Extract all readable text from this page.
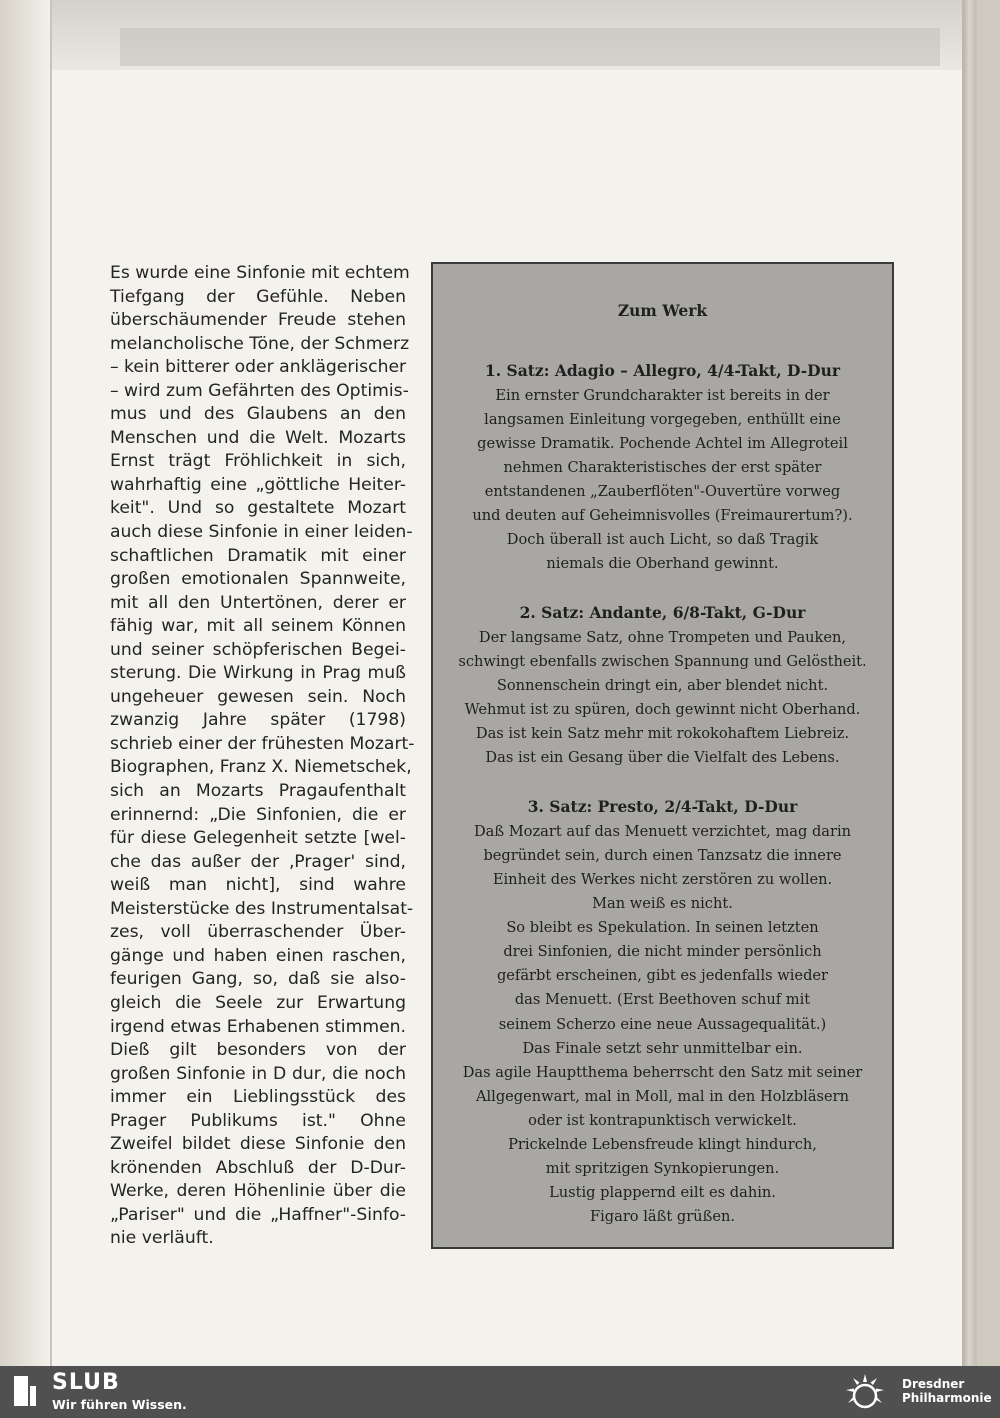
Es wurde eine Sinfonie mit echtem
Tiefgang der Gefühle. Neben
überschäumender Freude stehen
melancholische Töne, der Schmerz
– kein bitterer oder anklägerischer
– wird zum Gefährten des Optimis-
mus und des Glaubens an den
Menschen und die Welt. Mozarts
Ernst trägt Fröhlichkeit in sich,
wahrhaftig eine „göttliche Heiter-
keit". Und so gestaltete Mozart
auch diese Sinfonie in einer leiden-
schaftlichen Dramatik mit einer
großen emotionalen Spannweite,
mit all den Untertönen, derer er
fähig war, mit all seinem Können
und seiner schöpferischen Begei-
sterung. Die Wirkung in Prag muß
ungeheuer gewesen sein. Noch
zwanzig Jahre später (1798)
schrieb einer der frühesten Mozart-
Biographen, Franz X. Niemetschek,
sich an Mozarts Pragaufenthalt
erinnernd: „Die Sinfonien, die er
für diese Gelegenheit setzte [wel-
che das außer der ‚Prager' sind,
weiß man nicht], sind wahre
Meisterstücke des Instrumentalsat-
zes, voll überraschender Über-
gänge und haben einen raschen,
feurigen Gang, so, daß sie also-
gleich die Seele zur Erwartung
irgend etwas Erhabenen stimmen.
Dieß gilt besonders von der
großen Sinfonie in D dur, die noch
immer ein Lieblingsstück des
Prager Publikums ist." Ohne
Zweifel bildet diese Sinfonie den
krönenden Abschluß der D-Dur-
Werke, deren Höhenlinie über die
„Pariser" und die „Haffner"-Sinfo-
nie verläuft.
Zum Werk
1. Satz: Adagio – Allegro, 4/4-Takt, D-Dur
Ein ernster Grundcharakter ist bereits in der
langsamen Einleitung vorgegeben, enthüllt eine
gewisse Dramatik. Pochende Achtel im Allegroteil
nehmen Charakteristisches der erst später
entstandenen „Zauberflöten"-Ouvertüre vorweg
und deuten auf Geheimnisvolles (Freimaurertum?).
Doch überall ist auch Licht, so daß Tragik
niemals die Oberhand gewinnt.
2. Satz: Andante, 6/8-Takt, G-Dur
Der langsame Satz, ohne Trompeten und Pauken,
schwingt ebenfalls zwischen Spannung und Gelöstheit.
Sonnenschein dringt ein, aber blendet nicht.
Wehmut ist zu spüren, doch gewinnt nicht Oberhand.
Das ist kein Satz mehr mit rokokohaftem Liebreiz.
Das ist ein Gesang über die Vielfalt des Lebens.
3. Satz: Presto, 2/4-Takt, D-Dur
Daß Mozart auf das Menuett verzichtet, mag darin
begründet sein, durch einen Tanzsatz die innere
Einheit des Werkes nicht zerstören zu wollen.
Man weiß es nicht.
So bleibt es Spekulation. In seinen letzten
drei Sinfonien, die nicht minder persönlich
gefärbt erscheinen, gibt es jedenfalls wieder
das Menuett. (Erst Beethoven schuf mit
seinem Scherzo eine neue Aussagequalität.)
Das Finale setzt sehr unmittelbar ein.
Das agile Hauptthema beherrscht den Satz mit seiner
Allgegenwart, mal in Moll, mal in den Holzbläsern
oder ist kontrapunktisch verwickelt.
Prickelnde Lebensfreude klingt hindurch,
mit spritzigen Synkopierungen.
Lustig plappernd eilt es dahin.
Figaro läßt grüßen.
SLUB
Wir führen Wissen.
Dresdner
Philharmonie
